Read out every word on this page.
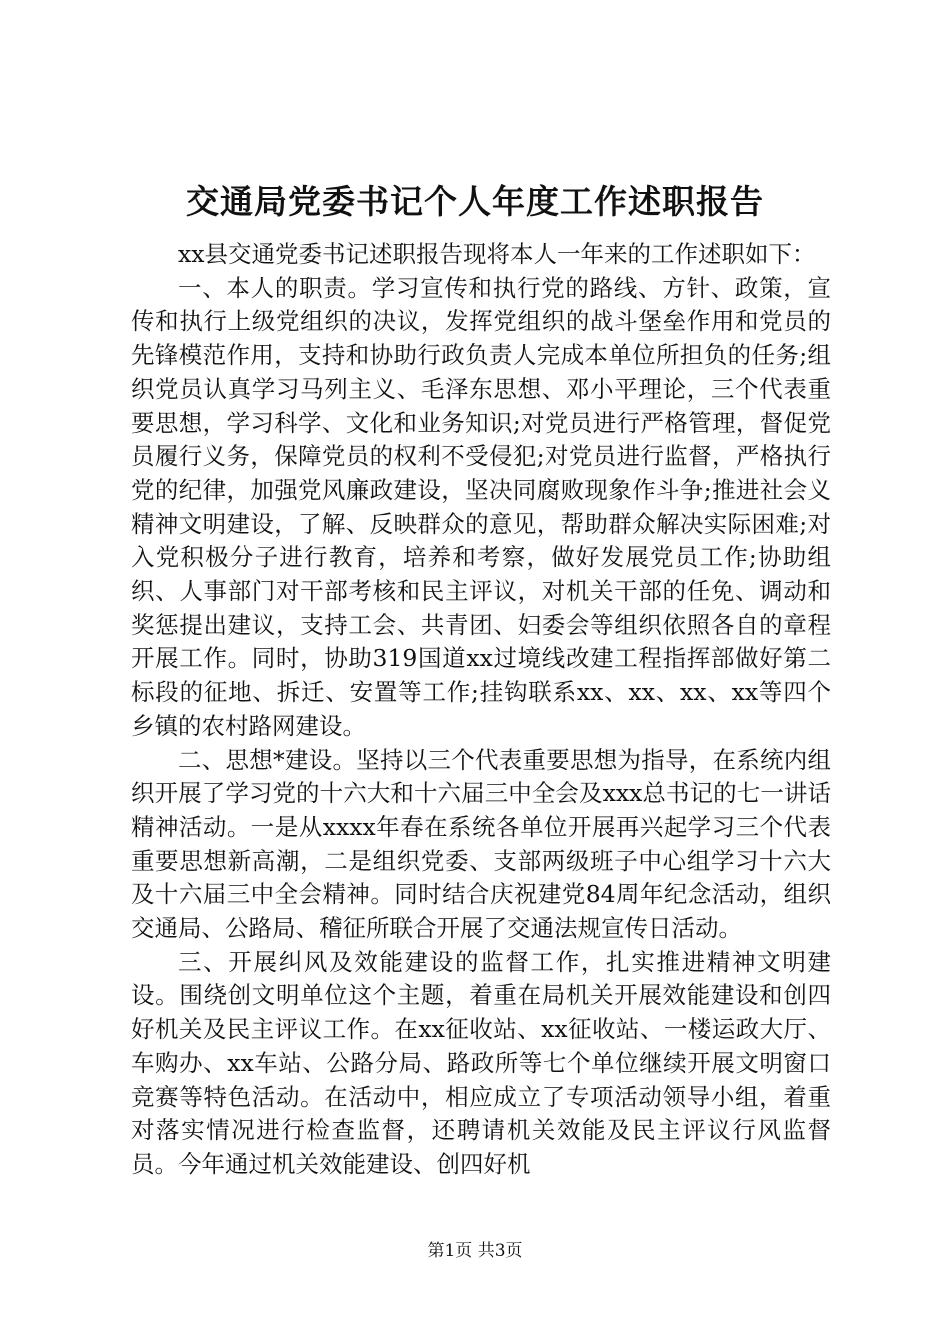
交通局党委书记个人年度工作述职报告

xx县交通党委书记述职报告现将本人一年来的工作述职如下：

一、本人的职责。学习宣传和执行党的路线、方针、政策，宣传和执行上级党组织的决议，发挥党组织的战斗堡垒作用和党员的先锋模范作用，支持和协助行政负责人完成本单位所担负的任务;组织党员认真学习马列主义、毛泽东思想、邓小平理论，三个代表重要思想，学习科学、文化和业务知识;对党员进行严格管理，督促党员履行义务，保障党员的权利不受侵犯;对党员进行监督，严格执行党的纪律，加强党风廉政建设，坚决同腐败现象作斗争;推进社会义精神文明建设，了解、反映群众的意见，帮助群众解决实际困难;对入党积极分子进行教育，培养和考察，做好发展党员工作;协助组织、人事部门对干部考核和民主评议，对机关干部的任免、调动和奖惩提出建议，支持工会、共青团、妇委会等组织依照各自的章程开展工作。同时，协助319国道xx过境线改建工程指挥部做好第二标段的征地、拆迁、安置等工作;挂钩联系xx、xx、xx、xx等四个乡镇的农村路网建设。

二、思想*建设。坚持以三个代表重要思想为指导，在系统内组织开展了学习党的十六大和十六届三中全会及xxx总书记的七一讲话精神活动。一是从xxxx年春在系统各单位开展再兴起学习三个代表重要思想新高潮，二是组织党委、支部两级班子中心组学习十六大及十六届三中全会精神。同时结合庆祝建党84周年纪念活动，组织交通局、公路局、稽征所联合开展了交通法规宣传日活动。

三、开展纠风及效能建设的监督工作，扎实推进精神文明建设。围绕创文明单位这个主题，着重在局机关开展效能建设和创四好机关及民主评议工作。在xx征收站、xx征收站、一楼运政大厅、车购办、xx车站、公路分局、路政所等七个单位继续开展文明窗口竞赛等特色活动。在活动中，相应成立了专项活动领导小组，着重对落实情况进行检查监督，还聘请机关效能及民主评议行风监督员。今年通过机关效能建设、创四好机

第1页 共3页
